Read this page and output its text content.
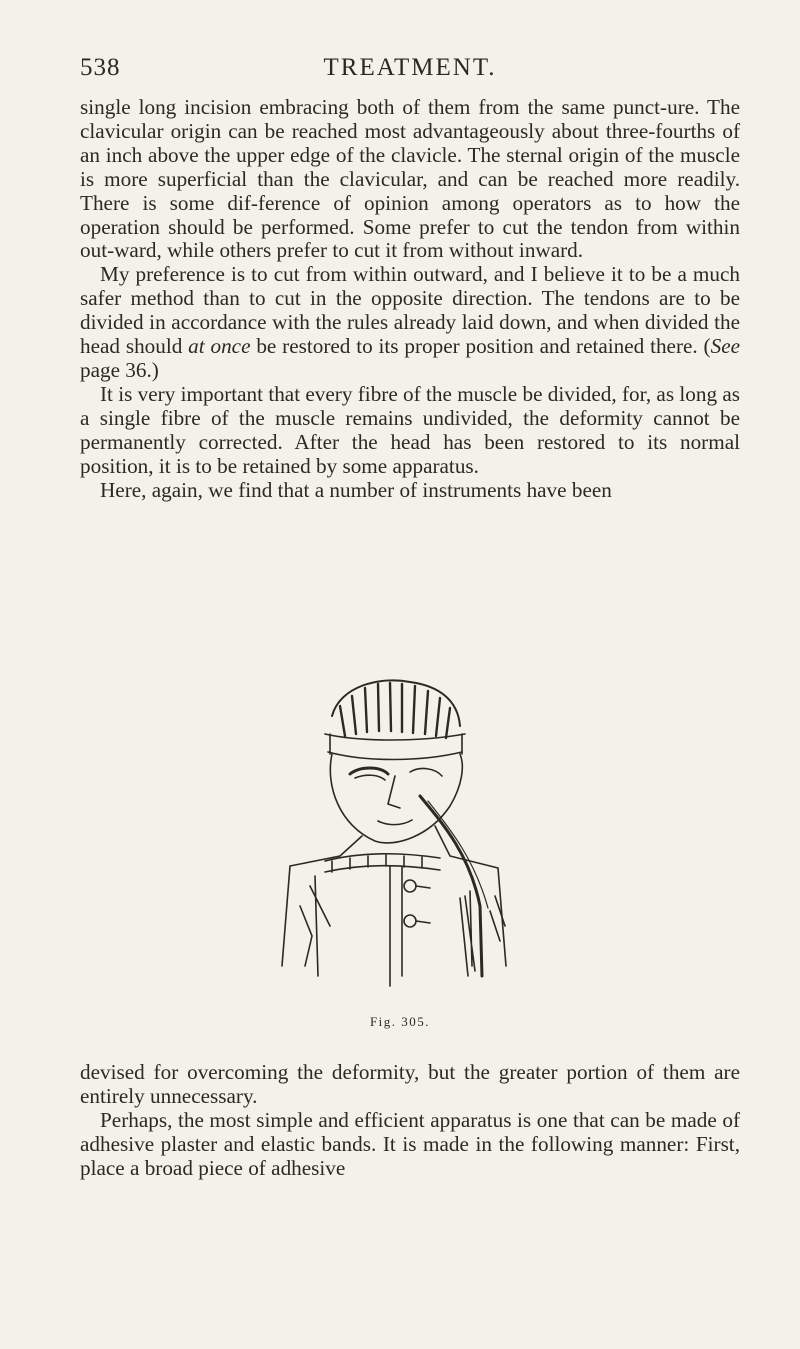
538	TREATMENT.

single long incision embracing both of them from the same punct-ure. The clavicular origin can be reached most advantageously about three-fourths of an inch above the upper edge of the clavicle. The sternal origin of the muscle is more superficial than the clavicular, and can be reached more readily. There is some dif-ference of opinion among operators as to how the operation should be performed. Some prefer to cut the tendon from within out-ward, while others prefer to cut it from without inward.

My preference is to cut from within outward, and I believe it to be a much safer method than to cut in the opposite direction. The tendons are to be divided in accordance with the rules already laid down, and when divided the head should at once be restored to its proper position and retained there. (See page 36.)

It is very important that every fibre of the muscle be divided, for, as long as a single fibre of the muscle remains undivided, the deformity cannot be permanently corrected. After the head has been restored to its normal position, it is to be retained by some apparatus.

Here, again, we find that a number of instruments have been

Fig. 305.

devised for overcoming the deformity, but the greater portion of them are entirely unnecessary.

Perhaps, the most simple and efficient apparatus is one that can be made of adhesive plaster and elastic bands. It is made in the following manner: First, place a broad piece of adhesive
